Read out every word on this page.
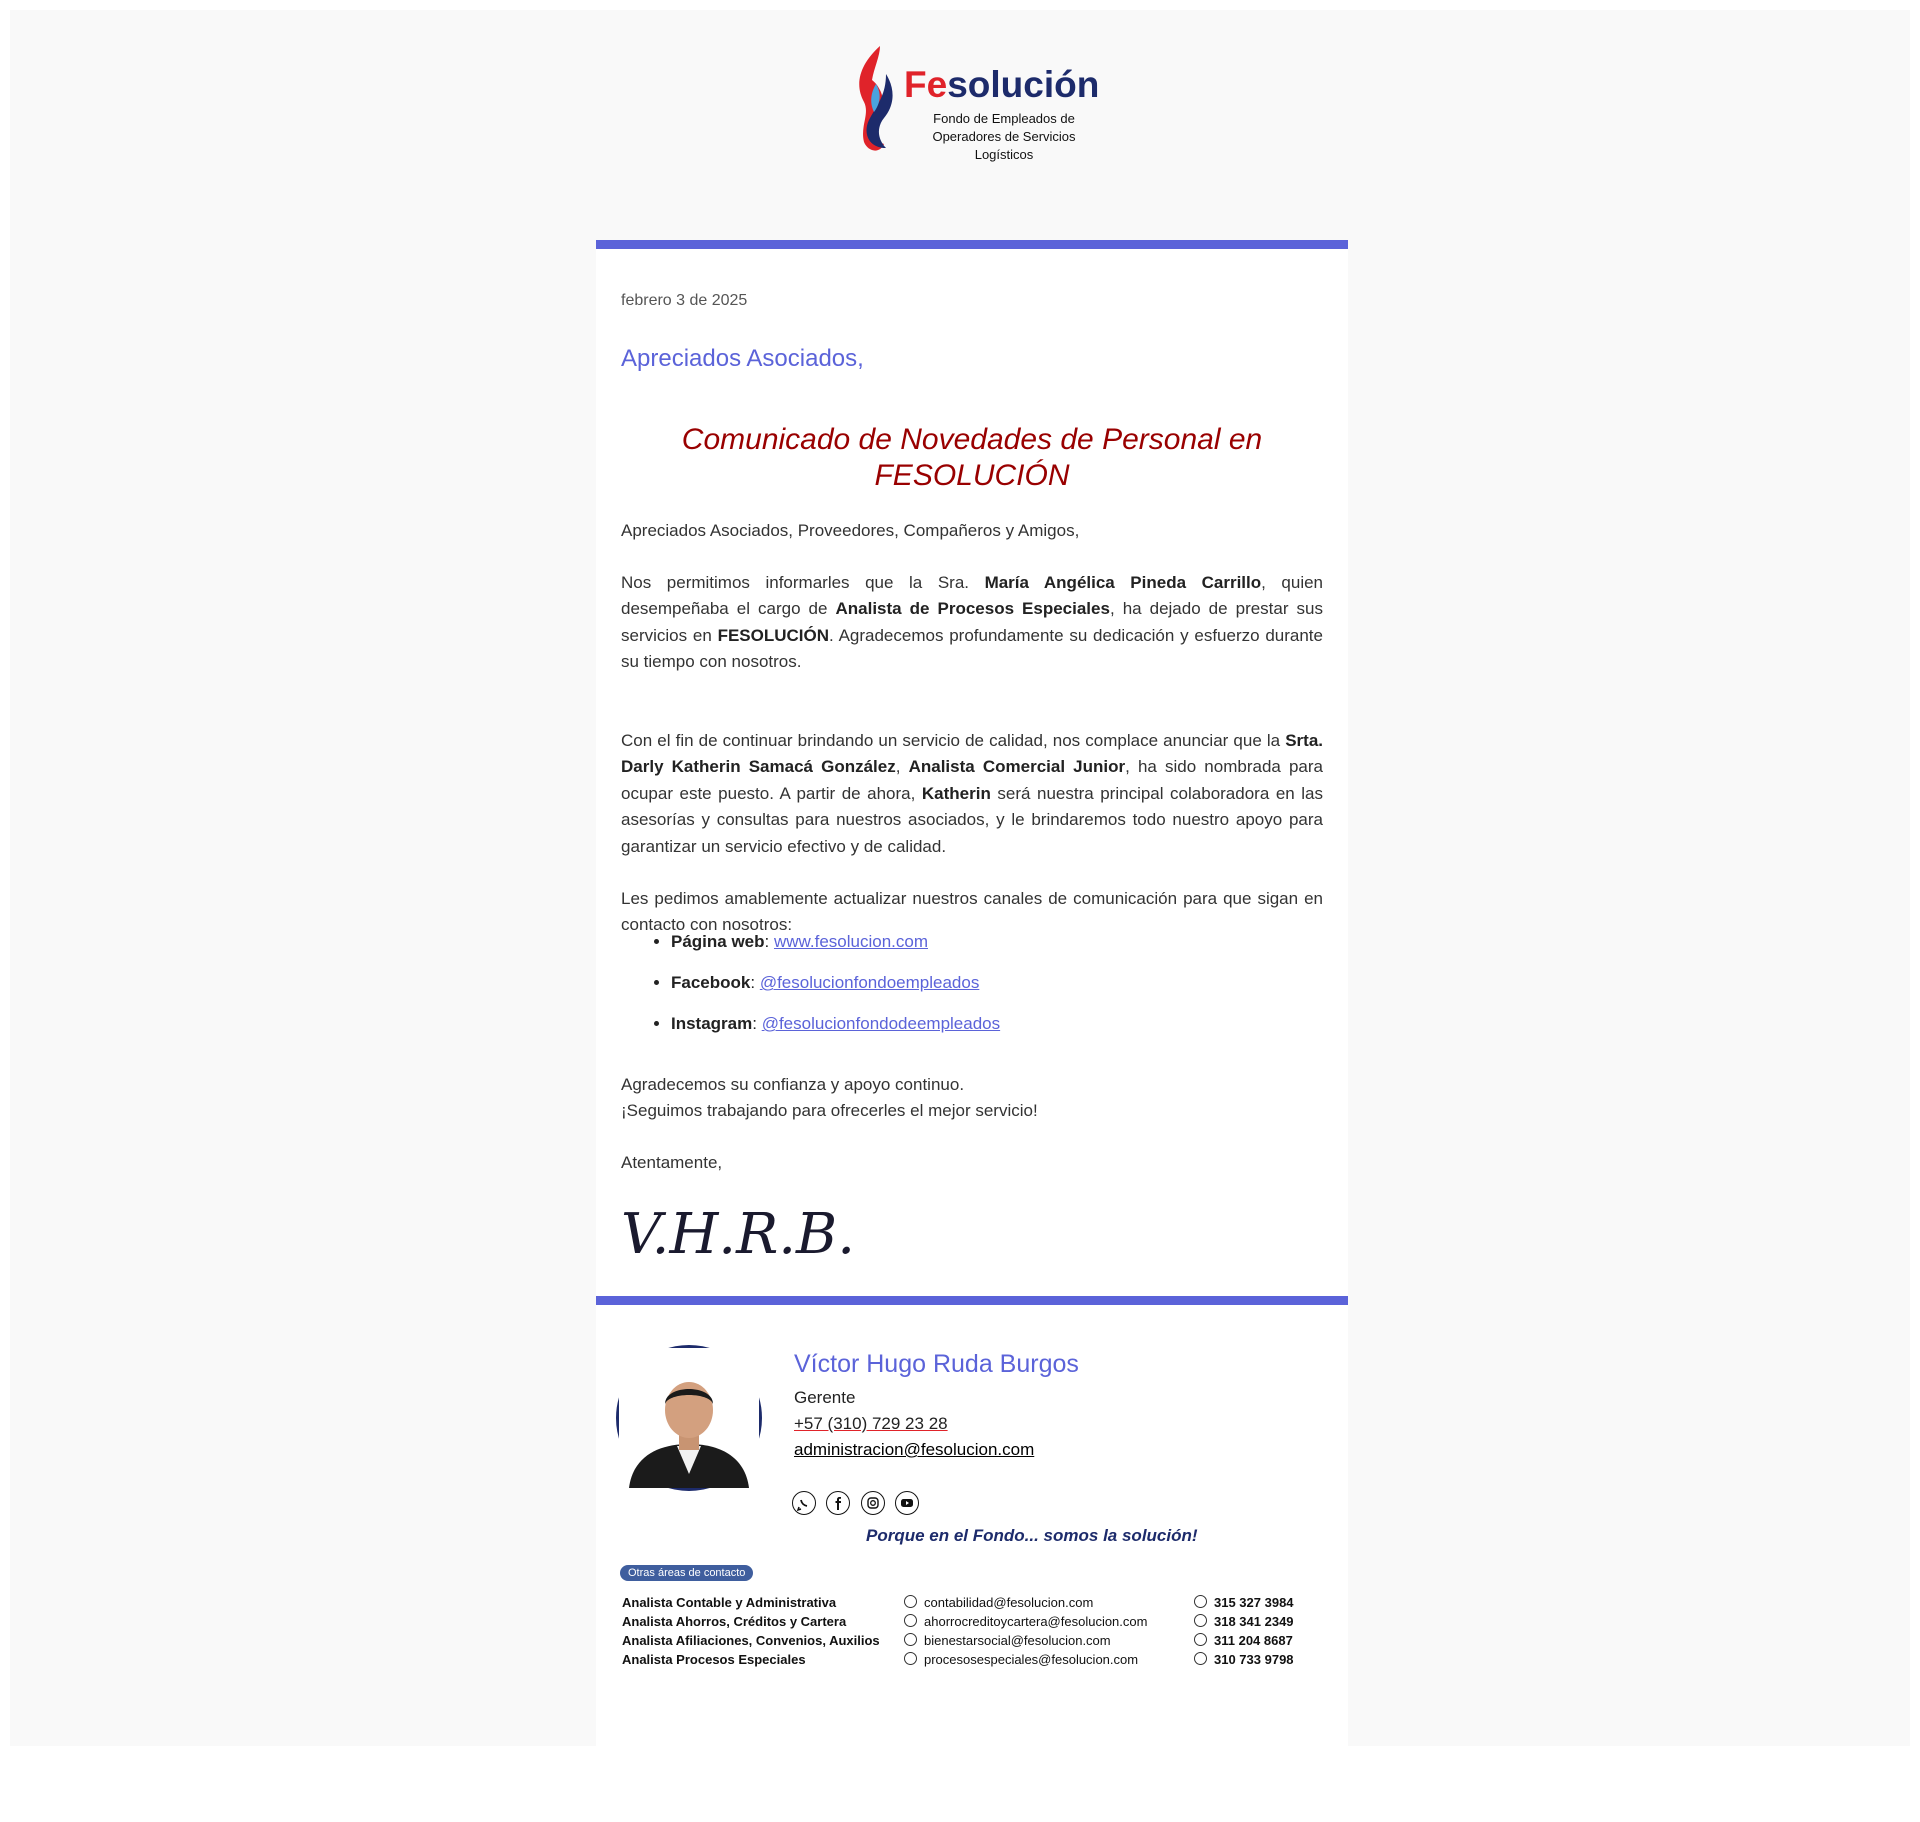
Fesolución
Fondo de Empleados de
Operadores de Servicios Logísticos
febrero 3 de 2025
Apreciados Asociados,
Comunicado de Novedades de Personal en FESOLUCIÓN
Apreciados Asociados, Proveedores, Compañeros y Amigos,
Nos permitimos informarles que la Sra. María Angélica Pineda Carrillo, quien desempeñaba el cargo de Analista de Procesos Especiales, ha dejado de prestar sus servicios en FESOLUCIÓN. Agradecemos profundamente su dedicación y esfuerzo durante su tiempo con nosotros.
Con el fin de continuar brindando un servicio de calidad, nos complace anunciar que la Srta. Darly Katherin Samacá González, Analista Comercial Junior, ha sido nombrada para ocupar este puesto. A partir de ahora, Katherin será nuestra principal colaboradora en las asesorías y consultas para nuestros asociados, y le brindaremos todo nuestro apoyo para garantizar un servicio efectivo y de calidad.
Les pedimos amablemente actualizar nuestros canales de comunicación para que sigan en contacto con nosotros:
• Página web: www.fesolucion.com
• Facebook: @fesolucionfondoempleados
• Instagram: @fesolucionfondodeempleados
Agradecemos su confianza y apoyo continuo.
¡Seguimos trabajando para ofrecerles el mejor servicio!
Atentamente,
V.H.R.B.
Víctor Hugo Ruda Burgos
Gerente
+57 (310) 729 23 28
administracion@fesolucion.com

Porque en el Fondo... somos la solución!
Otras áreas de contacto
Analista Contable y Administrativa	contabilidad@fesolucion.com	315 327 3984
Analista Ahorros, Créditos y Cartera	ahorrocreditoycartera@fesolucion.com	318 341 2349
Analista Afiliaciones, Convenios, Auxilios	bienestarsocial@fesolucion.com	311 204 8687
Analista Procesos Especiales	procesosespeciales@fesolucion.com	310 733 9798
